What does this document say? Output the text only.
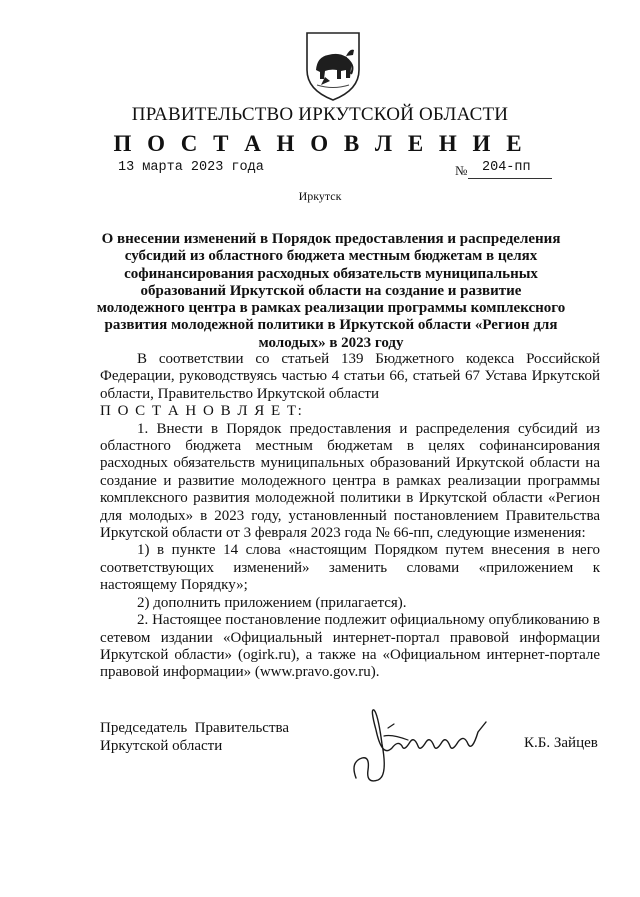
ПРАВИТЕЛЬСТВО ИРКУТСКОЙ ОБЛАСТИ
П О С Т А Н О В Л Е Н И Е
13 марта 2023 года	№ 204-пп
Иркутск
О внесении изменений в Порядок предоставления и распределения субсидий из областного бюджета местным бюджетам в целях софинансирования расходных обязательств муниципальных образований Иркутской области на создание и развитие молодежного центра в рамках реализации программы комплексного развития молодежной политики в Иркутской области «Регион для молодых» в 2023 году

В соответствии со статьей 139 Бюджетного кодекса Российской Федерации, руководствуясь частью 4 статьи 66, статьей 67 Устава Иркутской области, Правительство Иркутской области

П О С Т А Н О В Л Я Е Т:

1. Внести в Порядок предоставления и распределения субсидий из областного бюджета местным бюджетам в целях софинансирования расходных обязательств муниципальных образований Иркутской области на создание и развитие молодежного центра в рамках реализации программы комплексного развития молодежной политики в Иркутской области «Регион для молодых» в 2023 году, установленный постановлением Правительства Иркутской области от 3 февраля 2023 года № 66-пп, следующие изменения:

1) в пункте 14 слова «настоящим Порядком путем внесения в него соответствующих изменений» заменить словами «приложением к настоящему Порядку»;

2) дополнить приложением (прилагается).

2. Настоящее постановление подлежит официальному опубликованию в сетевом издании «Официальный интернет-портал правовой информации Иркутской области» (ogirk.ru), а также на «Официальном интернет-портале правовой информации» (www.pravo.gov.ru).

Председатель  Правительства
Иркутской области	К.Б. Зайцев
